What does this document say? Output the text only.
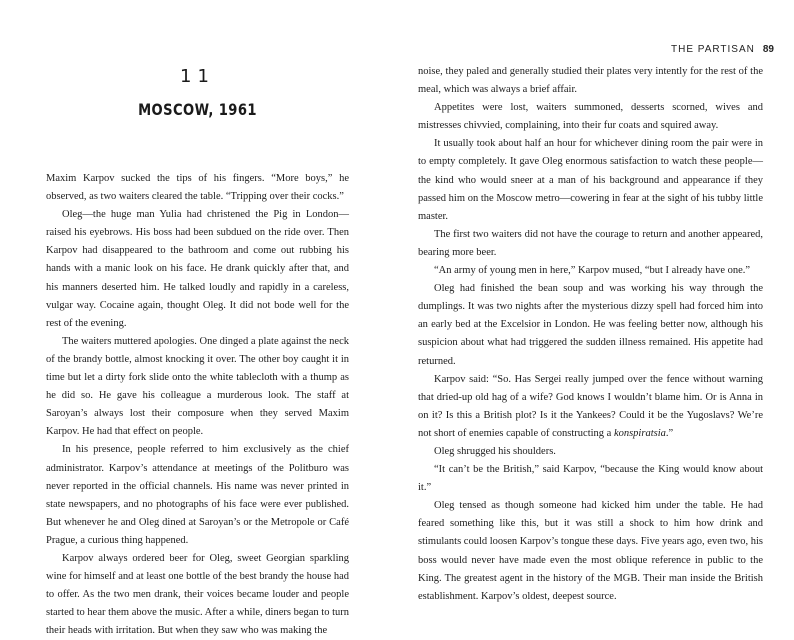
11
MOSCOW, 1961

Maxim Karpov sucked the tips of his fingers. “More boys,” he observed, as two waiters cleared the table. “Tripping over their cocks.”

Oleg—the huge man Yulia had christened the Pig in London—raised his eyebrows. His boss had been subdued on the ride over. Then Karpov had disappeared to the bathroom and come out rubbing his hands with a manic look on his face. He drank quickly after that, and his manners deserted him. He talked loudly and rapidly in a careless, vulgar way. Cocaine again, thought Oleg. It did not bode well for the rest of the evening.

The waiters muttered apologies. One dinged a plate against the neck of the brandy bottle, almost knocking it over. The other boy caught it in time but let a dirty fork slide onto the white tablecloth with a thump as he did so. He gave his colleague a murderous look. The staff at Saroyan’s always lost their composure when they served Maxim Karpov. He had that effect on people.

In his presence, people referred to him exclusively as the chief administrator. Karpov’s attendance at meetings of the Politburo was never reported in the official channels. His name was never printed in state newspapers, and no photographs of his face were ever published. But whenever he and Oleg dined at Saroyan’s or the Metropole or Café Prague, a curious thing happened.

Karpov always ordered beer for Oleg, sweet Georgian sparkling wine for himself and at least one bottle of the best brandy the house had to offer. As the two men drank, their voices became louder and people started to hear them above the music. After a while, diners began to turn their heads with irritation. But when they saw who was making the

THE PARTISAN 89

noise, they paled and generally studied their plates very intently for the rest of the meal, which was always a brief affair.

Appetites were lost, waiters summoned, desserts scorned, wives and mistresses chivvied, complaining, into their fur coats and squired away.

It usually took about half an hour for whichever dining room the pair were in to empty completely. It gave Oleg enormous satisfaction to watch these people—the kind who would sneer at a man of his background and appearance if they passed him on the Moscow metro—cowering in fear at the sight of his tubby little master.

The first two waiters did not have the courage to return and another appeared, bearing more beer.

“An army of young men in here,” Karpov mused, “but I already have one.”

Oleg had finished the bean soup and was working his way through the dumplings. It was two nights after the mysterious dizzy spell had forced him into an early bed at the Excelsior in London. He was feeling better now, although his suspicion about what had triggered the sudden illness remained. His appetite had returned.

Karpov said: “So. Has Sergei really jumped over the fence without warning that dried-up old hag of a wife? God knows I wouldn’t blame him. Or is Anna in on it? Is this a British plot? Is it the Yankees? Could it be the Yugoslavs? We’re not short of enemies capable of constructing a konspiratsia.”

Oleg shrugged his shoulders.

“It can’t be the British,” said Karpov, “because the King would know about it.”

Oleg tensed as though someone had kicked him under the table. He had feared something like this, but it was still a shock to him how drink and stimulants could loosen Karpov’s tongue these days. Five years ago, even two, his boss would never have made even the most oblique reference in public to the King. The greatest agent in the history of the MGB. Their man inside the British establishment. Karpov’s oldest, deepest source.
